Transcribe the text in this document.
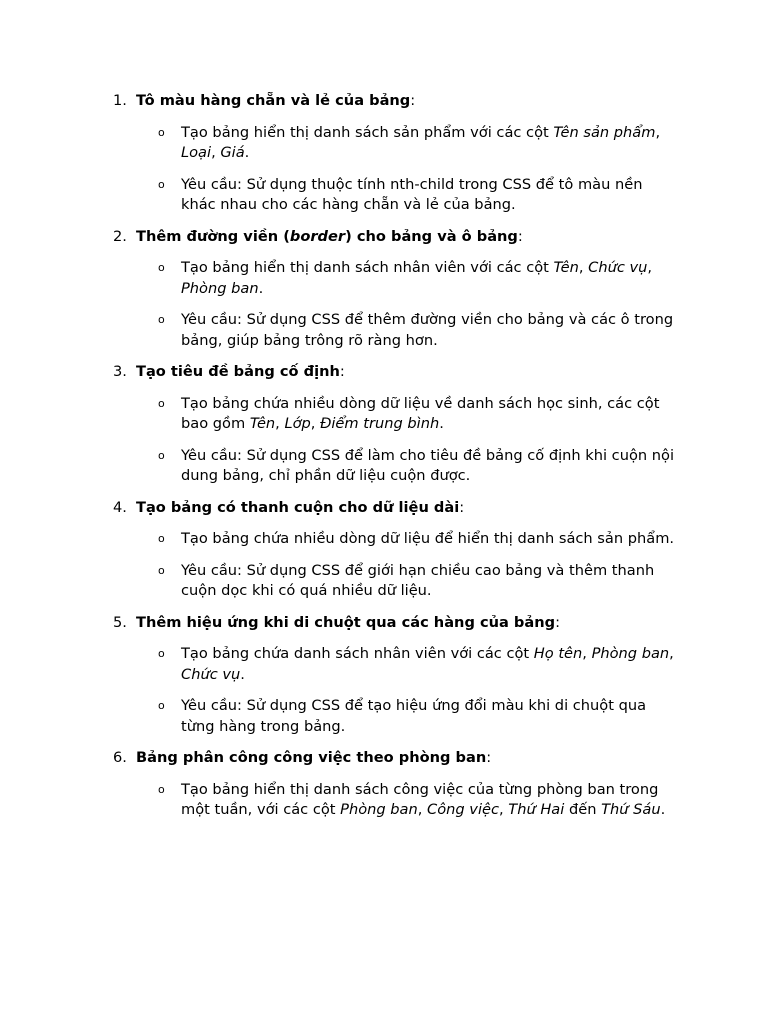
1. Tô màu hàng chẵn và lẻ của bảng:
o Tạo bảng hiển thị danh sách sản phẩm với các cột Tên sản phẩm, Loại, Giá.
o Yêu cầu: Sử dụng thuộc tính nth-child trong CSS để tô màu nền khác nhau cho các hàng chẵn và lẻ của bảng.
2. Thêm đường viền (border) cho bảng và ô bảng:
o Tạo bảng hiển thị danh sách nhân viên với các cột Tên, Chức vụ, Phòng ban.
o Yêu cầu: Sử dụng CSS để thêm đường viền cho bảng và các ô trong bảng, giúp bảng trông rõ ràng hơn.
3. Tạo tiêu đề bảng cố định:
o Tạo bảng chứa nhiều dòng dữ liệu về danh sách học sinh, các cột bao gồm Tên, Lớp, Điểm trung bình.
o Yêu cầu: Sử dụng CSS để làm cho tiêu đề bảng cố định khi cuộn nội dung bảng, chỉ phần dữ liệu cuộn được.
4. Tạo bảng có thanh cuộn cho dữ liệu dài:
o Tạo bảng chứa nhiều dòng dữ liệu để hiển thị danh sách sản phẩm.
o Yêu cầu: Sử dụng CSS để giới hạn chiều cao bảng và thêm thanh cuộn dọc khi có quá nhiều dữ liệu.
5. Thêm hiệu ứng khi di chuột qua các hàng của bảng:
o Tạo bảng chứa danh sách nhân viên với các cột Họ tên, Phòng ban, Chức vụ.
o Yêu cầu: Sử dụng CSS để tạo hiệu ứng đổi màu khi di chuột qua từng hàng trong bảng.
6. Bảng phân công công việc theo phòng ban:
o Tạo bảng hiển thị danh sách công việc của từng phòng ban trong một tuần, với các cột Phòng ban, Công việc, Thứ Hai đến Thứ Sáu.
